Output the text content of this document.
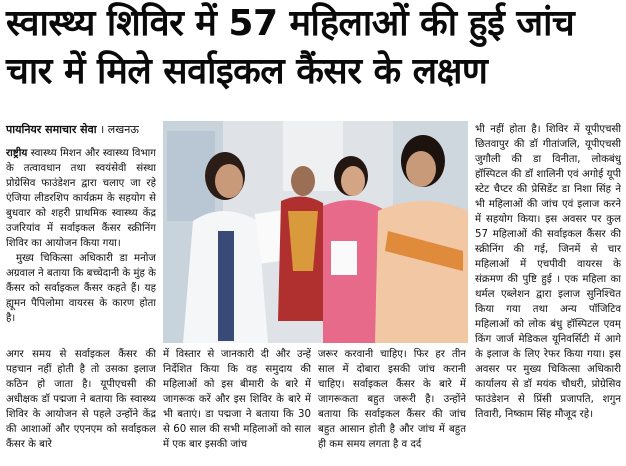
स्वास्थ्य शिविर में 57 महिलाओं की हुई जांच
चार में मिले सर्वाइकल कैंसर के लक्षण
पायनियर समाचार सेवा । लखनऊ

राष्ट्रीय स्वास्थ्य मिशन और स्वास्थ्य विभाग के तत्वावधान तथा स्वयंसेवी संस्था प्रोग्रेसिव फाउंडेशन द्वारा चलाए जा रहे एंजिया लीडरशिप कार्यक्रम के सहयोग से बुधवार को शहरी प्राथमिक स्वास्थ्य केंद्र उजरियांव में सर्वाइकल कैंसर स्क्रीनिंग शिविर का आयोजन किया गया।

मुख्य चिकित्सा अधिकारी डा मनोज अग्रवाल ने बताया कि बच्चेदानी के मुंह के कैंसर को सर्वाइकल कैंसर कहते हैं। यह ह्यूमन पैपिलोमा वायरस के कारण होता है।

अगर समय से सर्वाइकल कैंसर की पहचान नहीं होती है तो उसका इलाज कठिन हो जाता है। यूपीएचसी की अधीक्षक डॉ पद्मजा ने बताया कि स्वास्थ्य शिविर के आयोजन से पहले उन्होंने केंद्र की आशाओं और एएनएम को सर्वाइकल कैंसर के बारे

में विस्तार से जानकारी दी और उन्हें निर्देशित किया कि वह समुदाय की महिलाओं को इस बीमारी के बारे में जागरूक करें और इस शिविर के बारे में भी बताएं। डा पद्मजा ने बताया कि 30 से 60 साल की सभी महिलाओं को साल में एक बार इसकी जांच

जरूर करवानी चाहिए। फिर हर तीन साल में दोबारा इसकी जांच करानी चाहिए। सर्वाइकल कैंसर के बारे में जागरूकता बहुत जरूरी है। उन्होंने बताया कि सर्वाइकल कैंसर की जांच बहुत आसान होती है और जांच में बहुत ही कम समय लगता है व दर्द

भी नहीं होता है। शिविर में यूपीएचसी छितवापुर की डॉ गीतांजलि, यूपीएचसी जुगौली की डा विनीता, लोकबंधु हॉस्पिटल की डॉ शालिनी एवं अगोई यूपी स्टेट चैप्टर की प्रेसिडेंट डा निशा सिंह ने भी महिलाओं की जांच एवं इलाज करने में सहयोग किया। इस अवसर पर कुल 57 महिलाओं की सर्वाइकल कैंसर की स्क्रीनिंग की गई, जिनमें से चार महिलाओं में एचपीवी वायरस के संक्रमण की पुष्टि हुई । एक महिला का थर्मल एब्लेशन द्वारा इलाज सुनिश्चित किया गया तथा अन्य पॉजिटिव महिलाओं को लोक बंधु हॉस्पिटल एवम् किंग जार्ज मेडिकल यूनिवर्सिटी में आगे के इलाज के लिए रेफर किया गया। इस अवसर पर मुख्य चिकित्सा अधिकारी कार्यालय से डॉ मयंक चौधरी, प्रोग्रेसिव फाउंडेशन से प्रिंसी प्रजापति, शगुन तिवारी, निष्काम सिंह मौजूद रहे।
